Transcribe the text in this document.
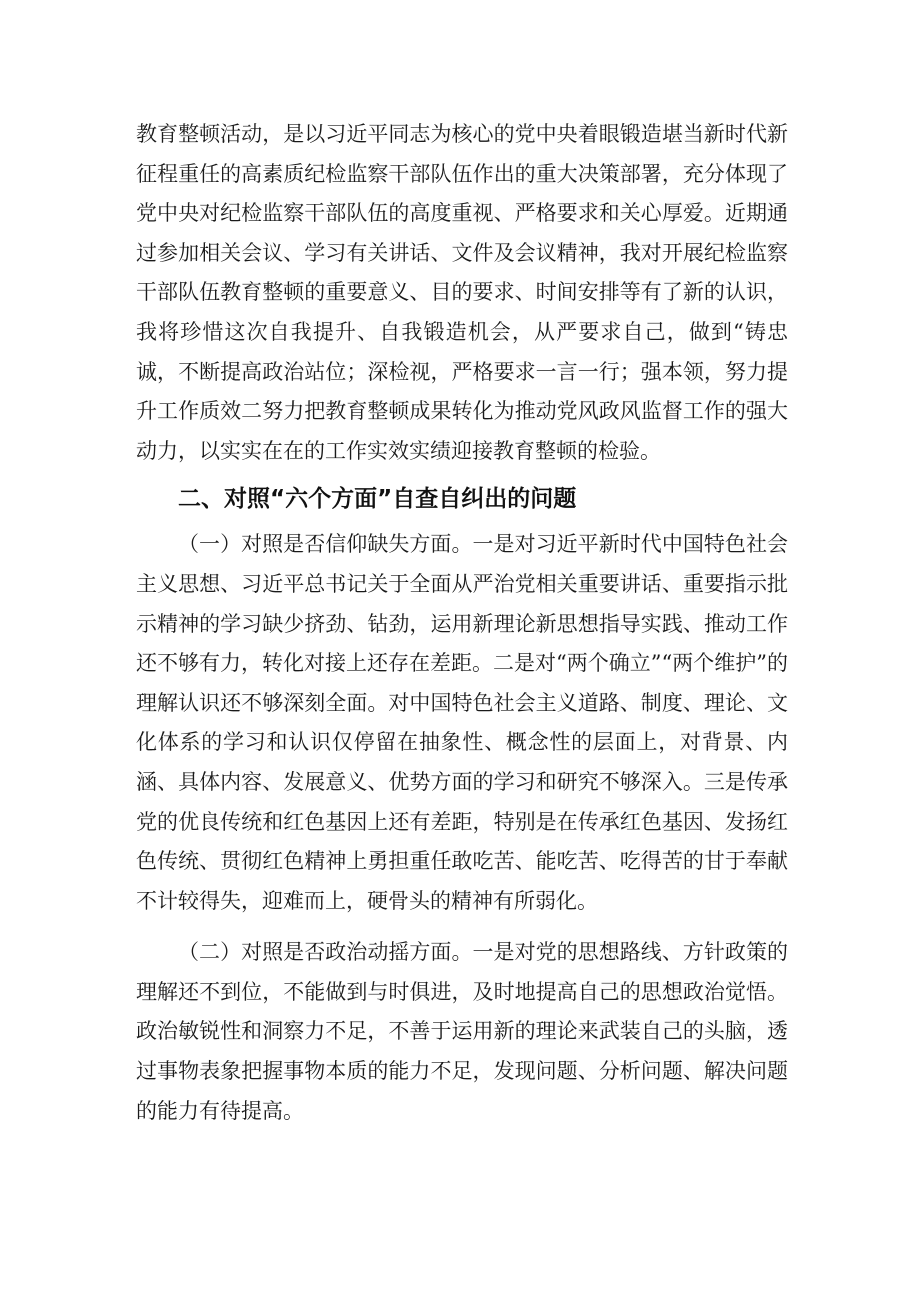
教育整顿活动，是以习近平同志为核心的党中央着眼锻造堪当新时代新征程重任的高素质纪检监察干部队伍作出的重大决策部署，充分体现了党中央对纪检监察干部队伍的高度重视、严格要求和关心厚爱。近期通过参加相关会议、学习有关讲话、文件及会议精神，我对开展纪检监察干部队伍教育整顿的重要意义、目的要求、时间安排等有了新的认识，我将珍惜这次自我提升、自我锻造机会，从严要求自己，做到“铸忠诚，不断提高政治站位；深检视，严格要求一言一行；强本领，努力提升工作质效二努力把教育整顿成果转化为推动党风政风监督工作的强大动力，以实实在在的工作实效实绩迎接教育整顿的检验。

二、对照“六个方面”自查自纠出的问题

（一）对照是否信仰缺失方面。一是对习近平新时代中国特色社会主义思想、习近平总书记关于全面从严治党相关重要讲话、重要指示批示精神的学习缺少挤劲、钻劲，运用新理论新思想指导实践、推动工作还不够有力，转化对接上还存在差距。二是对“两个确立”“两个维护”的理解认识还不够深刻全面。对中国特色社会主义道路、制度、理论、文化体系的学习和认识仅停留在抽象性、概念性的层面上，对背景、内涵、具体内容、发展意义、优势方面的学习和研究不够深入。三是传承党的优良传统和红色基因上还有差距，特别是在传承红色基因、发扬红色传统、贯彻红色精神上勇担重任敢吃苦、能吃苦、吃得苦的甘于奉献不计较得失，迎难而上，硬骨头的精神有所弱化。

（二）对照是否政治动摇方面。一是对党的思想路线、方针政策的理解还不到位，不能做到与时俱进，及时地提高自己的思想政治觉悟。政治敏锐性和洞察力不足，不善于运用新的理论来武装自己的头脑，透过事物表象把握事物本质的能力不足，发现问题、分析问题、解决问题的能力有待提高。
